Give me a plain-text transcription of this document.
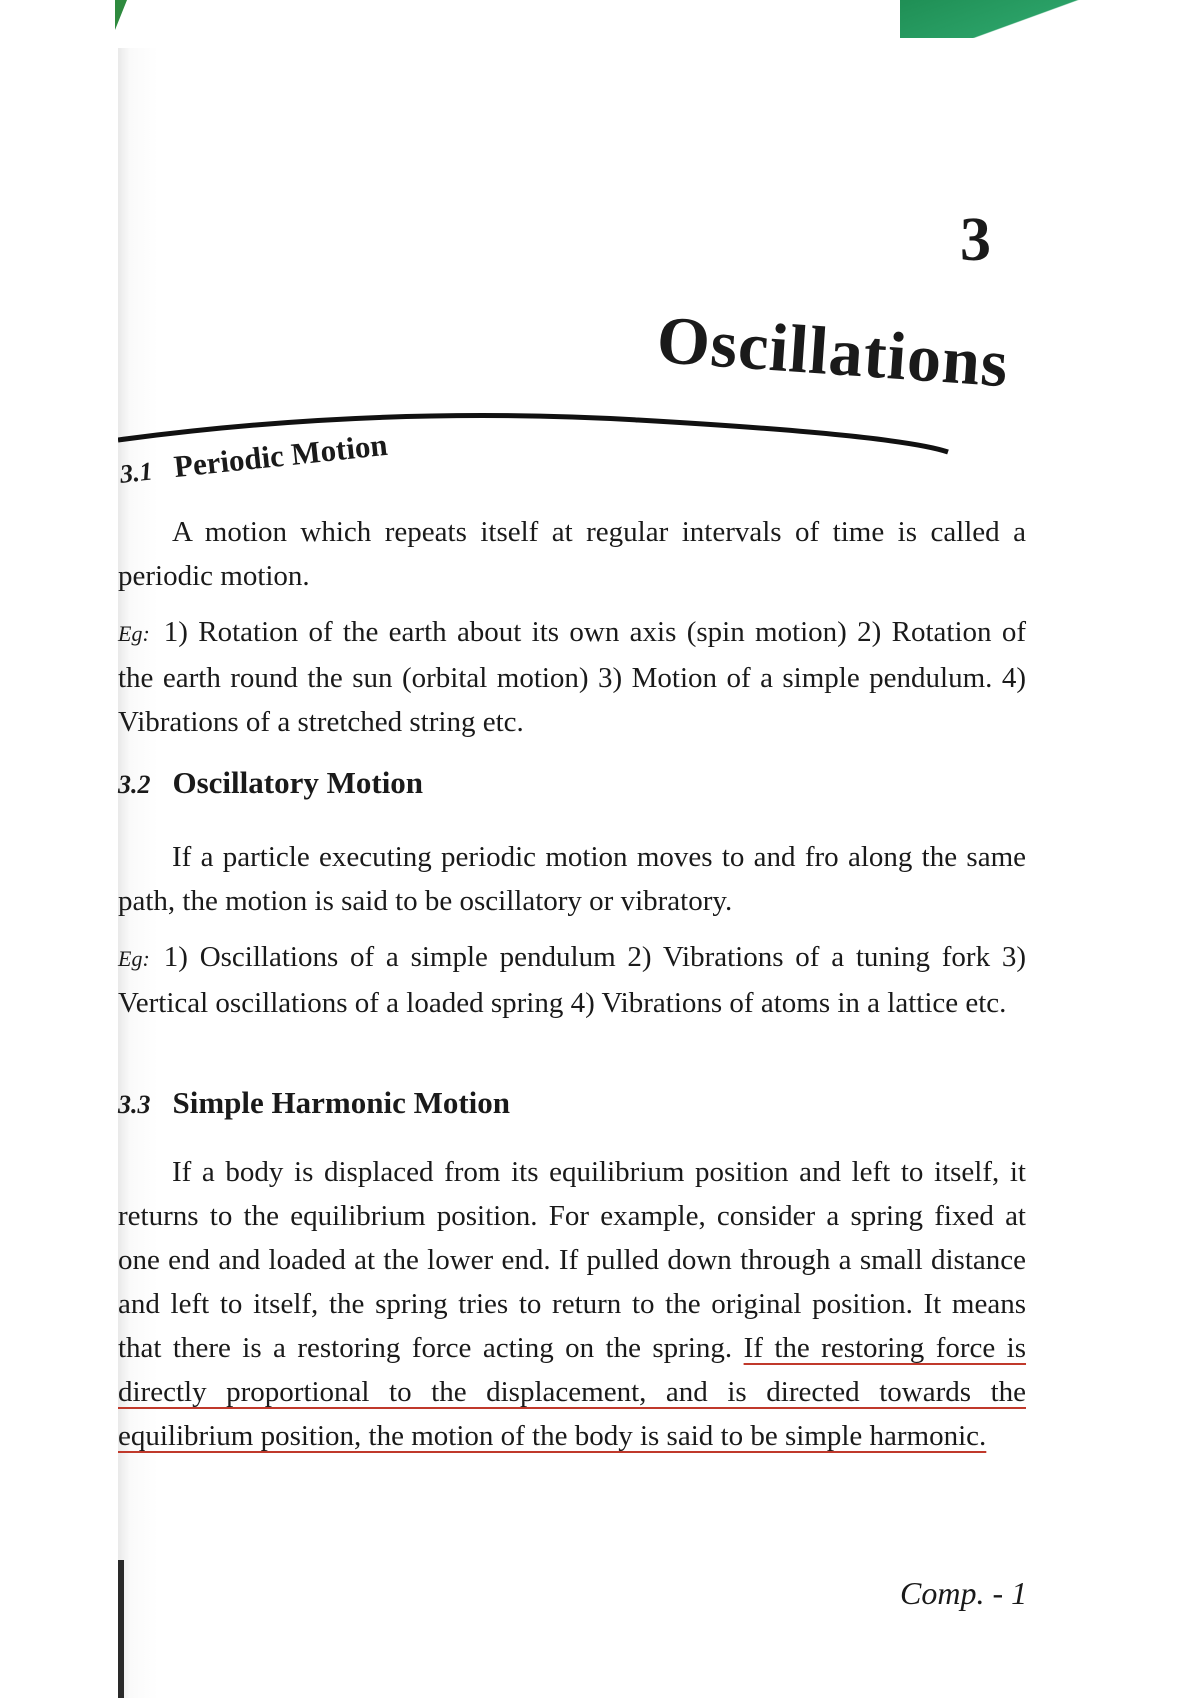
3
Oscillations
3.1 Periodic Motion
A motion which repeats itself at regular intervals of time is called a periodic motion.
Eg: 1) Rotation of the earth about its own axis (spin motion) 2) Rotation of the earth round the sun (orbital motion) 3) Motion of a simple pendulum. 4) Vibrations of a stretched string etc.
3.2 Oscillatory Motion
If a particle executing periodic motion moves to and fro along the same path, the motion is said to be oscillatory or vibratory.
Eg: 1) Oscillations of a simple pendulum 2) Vibrations of a tuning fork 3) Vertical oscillations of a loaded spring 4) Vibrations of atoms in a lattice etc.
3.3 Simple Harmonic Motion
If a body is displaced from its equilibrium position and left to itself, it returns to the equilibrium position. For example, consider a spring fixed at one end and loaded at the lower end. If pulled down through a small distance and left to itself, the spring tries to return to the original position. It means that there is a restoring force acting on the spring. If the restoring force is directly proportional to the displacement, and is directed towards the equilibrium position, the motion of the body is said to be simple harmonic.
Comp. - 1
